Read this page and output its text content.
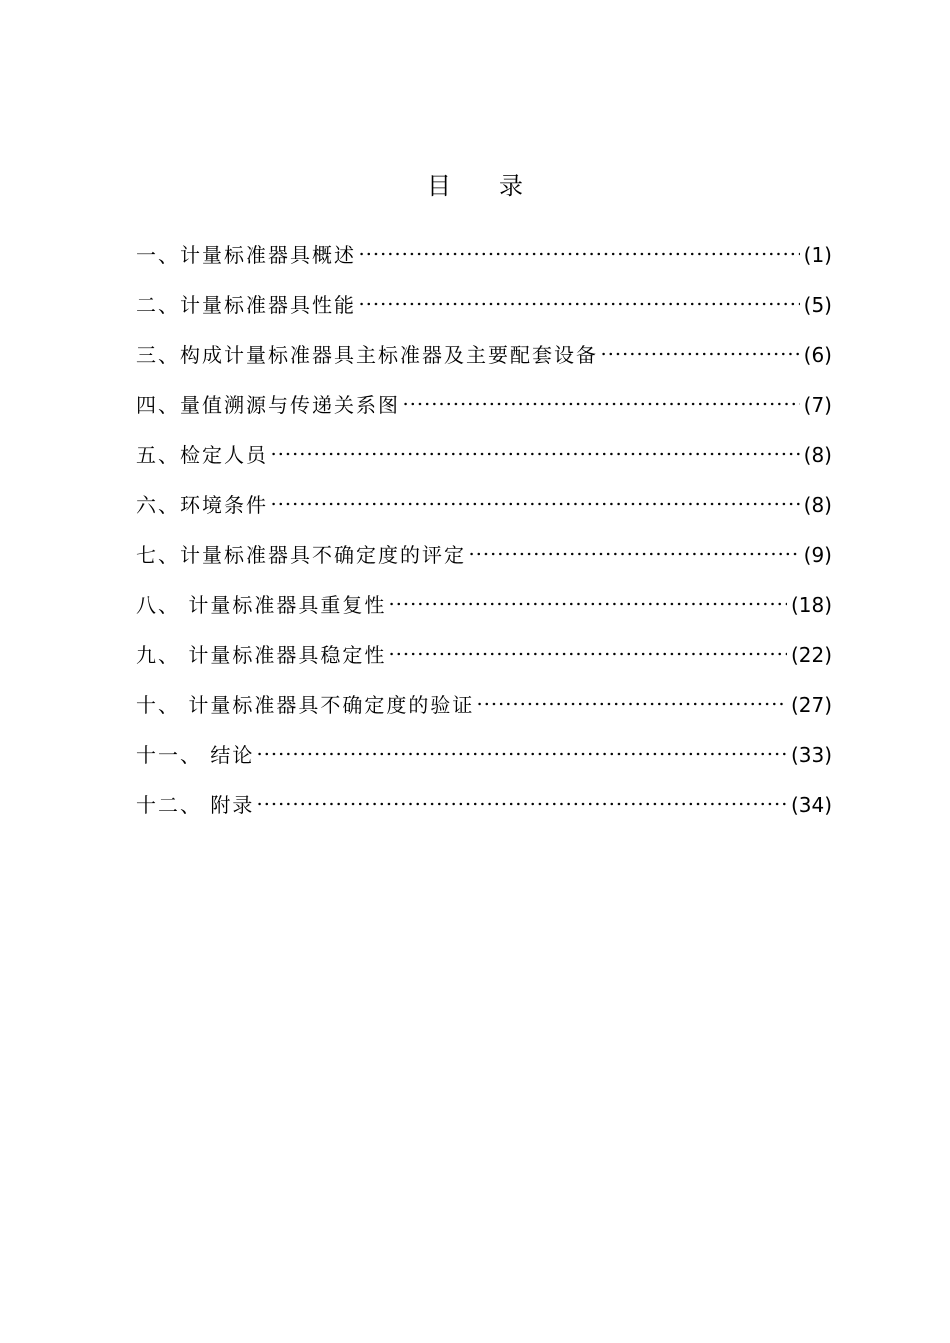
目　　录
一、计量标准器具概述	(1)
二、计量标准器具性能	(5)
三、构成计量标准器具主标准器及主要配套设备	(6)
四、量值溯源与传递关系图	(7)
五、检定人员	(8)
六、环境条件	(8)
七、计量标准器具不确定度的评定	(9)
八、 计量标准器具重复性	(18)
九、 计量标准器具稳定性	(22)
十、 计量标准器具不确定度的验证	(27)
十一、 结论	(33)
十二、 附录	(34)
